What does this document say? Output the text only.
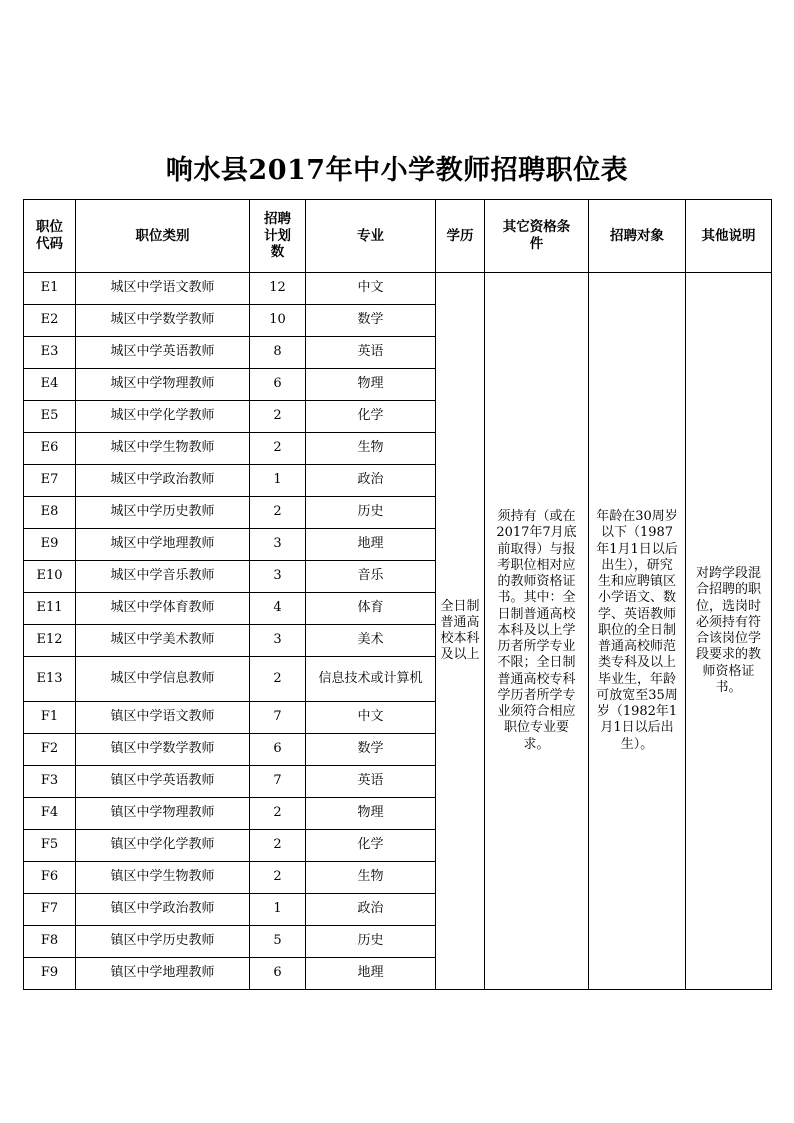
响水县2017年中小学教师招聘职位表
职位代码	职位类别	招聘计划数	专业	学历	其它资格条件	招聘对象	其他说明
E1	城区中学语文教师	12	中文	全日制普通高校本科及以上	须持有（或在2017年7月底前取得）与报考职位相对应的教师资格证书。其中：全日制普通高校本科及以上学历者所学专业不限；全日制普通高校专科学历者所学专业须符合相应职位专业要求。	年龄在30周岁以下（1987年1月1日以后出生），研究生和应聘镇区小学语文、数学、英语教师职位的全日制普通高校师范类专科及以上毕业生，年龄可放宽至35周岁（1982年1月1日以后出生）。	对跨学段混合招聘的职位，选岗时必须持有符合该岗位学段要求的教师资格证书。
E2	城区中学数学教师	10	数学				
E3	城区中学英语教师	8	英语				
E4	城区中学物理教师	6	物理				
E5	城区中学化学教师	2	化学				
E6	城区中学生物教师	2	生物				
E7	城区中学政治教师	1	政治				
E8	城区中学历史教师	2	历史				
E9	城区中学地理教师	3	地理				
E10	城区中学音乐教师	3	音乐				
E11	城区中学体育教师	4	体育				
E12	城区中学美术教师	3	美术				
E13	城区中学信息教师	2	信息技术或计算机				
F1	镇区中学语文教师	7	中文				
F2	镇区中学数学教师	6	数学				
F3	镇区中学英语教师	7	英语				
F4	镇区中学物理教师	2	物理				
F5	镇区中学化学教师	2	化学				
F6	镇区中学生物教师	2	生物				
F7	镇区中学政治教师	1	政治				
F8	镇区中学历史教师	5	历史				
F9	镇区中学地理教师	6	地理				
